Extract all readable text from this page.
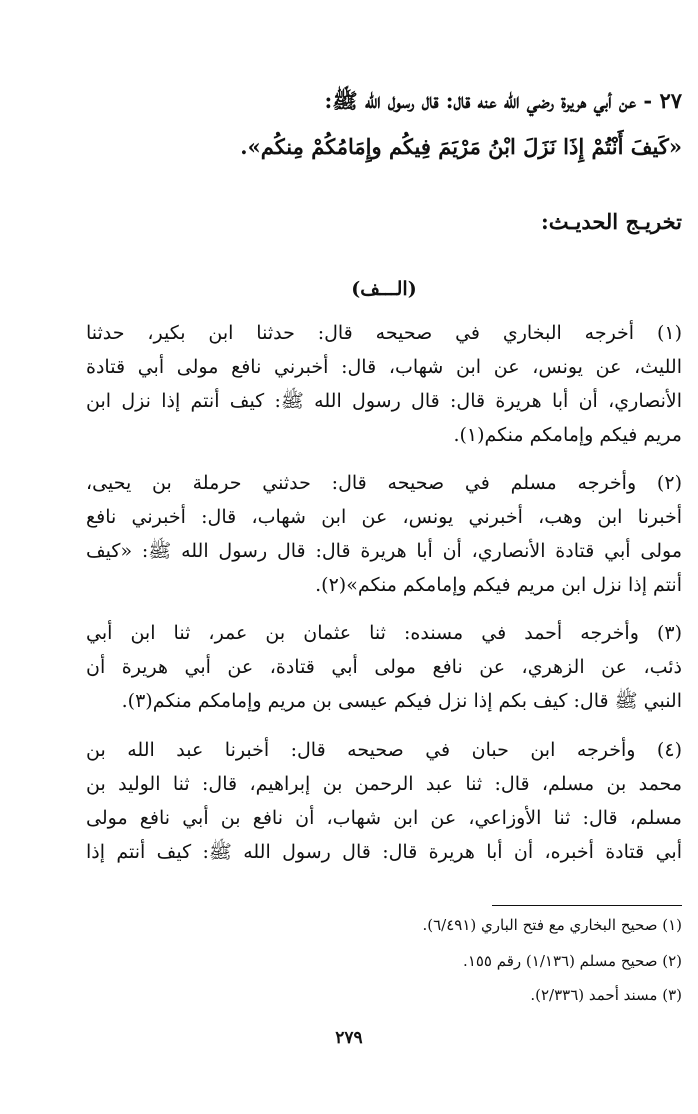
٢٧ - عن أبي هريرة رضي الله عنه قال: قال رسول الله ﷺ:
«كَيفَ أَنْتُمْ إِذَا نَزَلَ ابْنُ مَرْيَمَ فِيكُم وإِمَامُكُمْ مِنكُم».
تخريـج الحديـث:
(الـــف)
(١) أخرجه البخاري في صحيحه قال: حدثنا ابن بكير، حدثنا
الليث، عن يونس، عن ابن شهاب، قال: أخبرني نافع مولى أبي قتادة
الأنصاري، أن أبا هريرة قال: قال رسول الله ﷺ: كيف أنتم إذا نزل ابن
مريم فيكم وإمامكم منكم(١).
(٢) وأخرجه مسلم في صحيحه قال: حدثني حرملة بن يحيى،
أخبرنا ابن وهب، أخبرني يونس، عن ابن شهاب، قال: أخبرني نافع
مولى أبي قتادة الأنصاري، أن أبا هريرة قال: قال رسول الله ﷺ: «كيف
أنتم إذا نزل ابن مريم فيكم وإمامكم منكم»(٢).
(٣) وأخرجه أحمد في مسنده: ثنا عثمان بن عمر، ثنا ابن أبي
ذئب، عن الزهري، عن نافع مولى أبي قتادة، عن أبي هريرة أن
النبي ﷺ قال: كيف بكم إذا نزل فيكم عيسى بن مريم وإمامكم منكم(٣).
(٤) وأخرجه ابن حبان في صحيحه قال: أخبرنا عبد الله بن
محمد بن مسلم، قال: ثنا عبد الرحمن بن إبراهيم، قال: ثنا الوليد بن
مسلم، قال: ثنا الأوزاعي، عن ابن شهاب، أن نافع بن أبي نافع مولى
أبي قتادة أخبره، أن أبا هريرة قال: قال رسول الله ﷺ: كيف أنتم إذا
(١) صحيح البخاري مع فتح الباري (٦/٤٩١).
(٢) صحيح مسلم (١/١٣٦) رقم ١٥٥.
(٣) مسند أحمد (٢/٣٣٦).
٢٧٩
